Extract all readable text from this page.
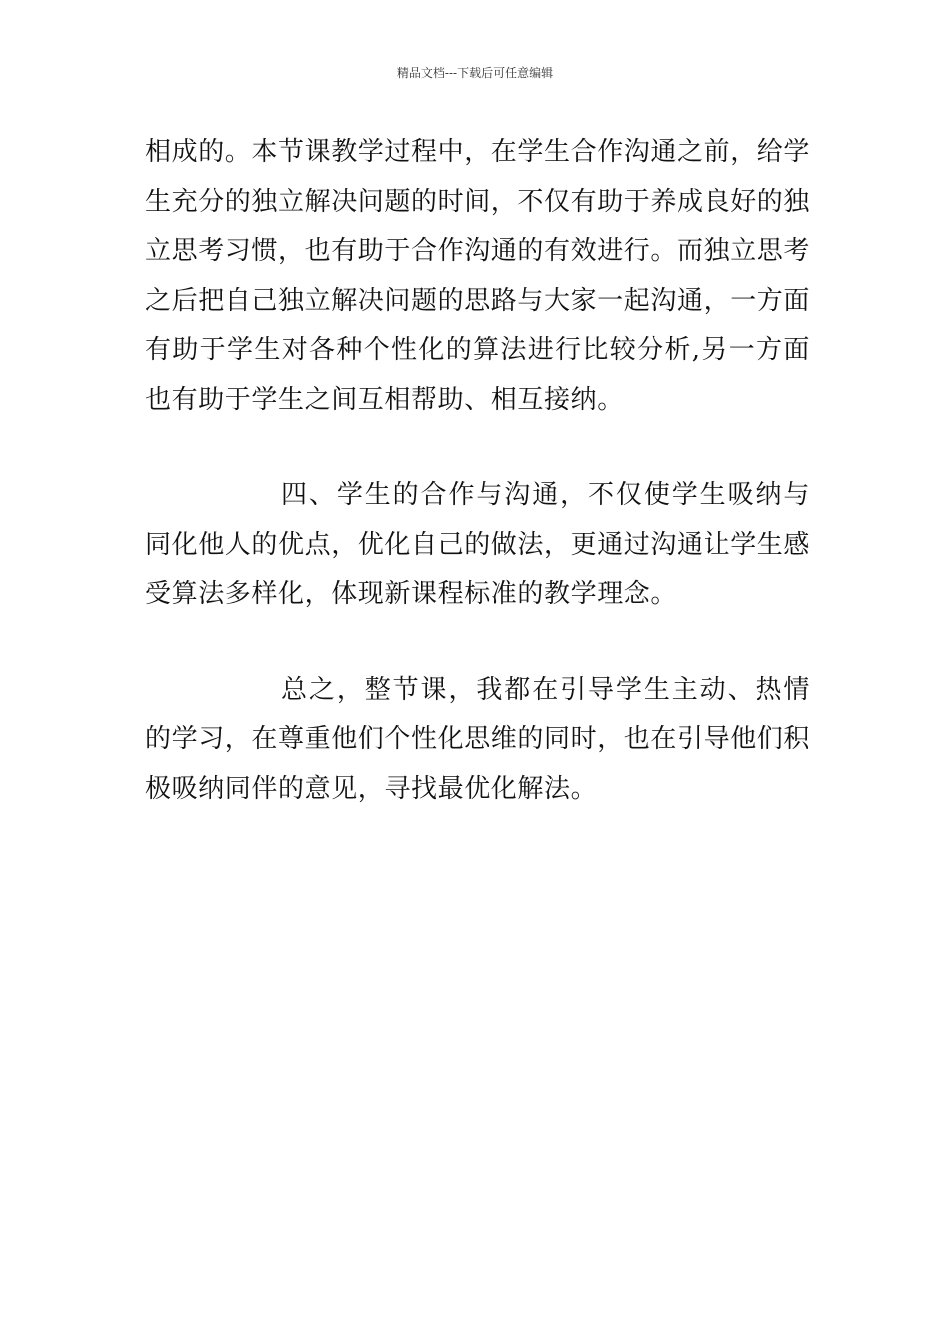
精品文档---下载后可任意编辑

相成的。本节课教学过程中，在学生合作沟通之前，给学生充分的独立解决问题的时间，不仅有助于养成良好的独立思考习惯，也有助于合作沟通的有效进行。而独立思考之后把自己独立解决问题的思路与大家一起沟通，一方面有助于学生对各种个性化的算法进行比较分析,另一方面也有助于学生之间互相帮助、相互接纳。

四、学生的合作与沟通，不仅使学生吸纳与同化他人的优点，优化自己的做法，更通过沟通让学生感受算法多样化，体现新课程标准的教学理念。

总之，整节课，我都在引导学生主动、热情的学习，在尊重他们个性化思维的同时，也在引导他们积极吸纳同伴的意见，寻找最优化解法。
